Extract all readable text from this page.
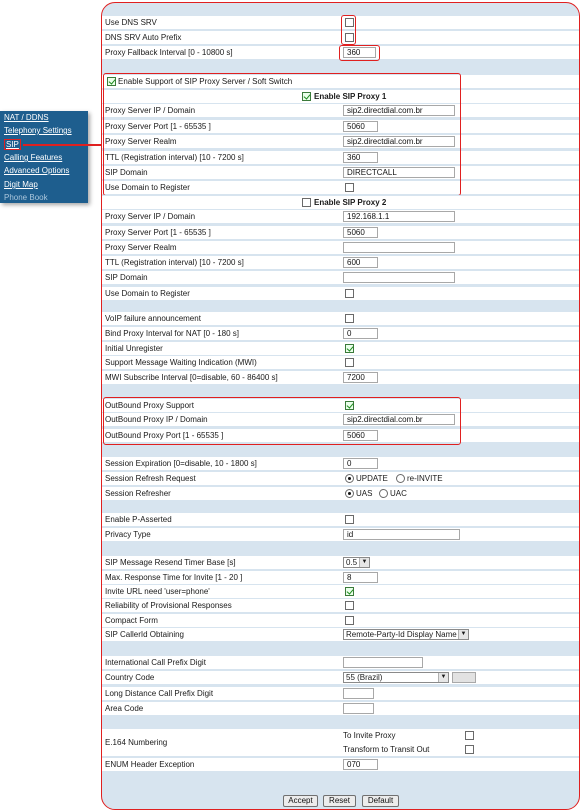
NAT / DDNS
Telephony Settings
SIP
Calling Features
Advanced Options
Digit Map
Phone Book
Use DNS SRV
DNS SRV Auto Prefix
Proxy Fallback Interval [0 - 10800 s]	360
Enable Support of SIP Proxy Server / Soft Switch
Enable SIP Proxy 1
Proxy Server IP / Domain	sip2.directdial.com.br
Proxy Server Port [1 - 65535 ]	5060
Proxy Server Realm	sip2.directdial.com.br
TTL (Registration interval) [10 - 7200 s]	360
SIP Domain	DIRECTCALL
Use Domain to Register
Enable SIP Proxy 2
Proxy Server IP / Domain	192.168.1.1
Proxy Server Port [1 - 65535 ]	5060
Proxy Server Realm
TTL (Registration interval) [10 - 7200 s]	600
SIP Domain
Use Domain to Register
VoIP failure announcement
Bind Proxy Interval for NAT [0 - 180 s]	0
Initial Unregister
Support Message Waiting Indication (MWI)
MWI Subscribe Interval [0=disable, 60 - 86400 s]	7200
OutBound Proxy Support
OutBound Proxy IP / Domain	sip2.directdial.com.br
OutBound Proxy Port [1 - 65535 ]	5060
Session Expiration [0=disable, 10 - 1800 s]	0
Session Refresh Request	UPDATE re-INVITE
Session Refresher	UAS UAC
Enable P-Asserted
Privacy Type	id
SIP Message Resend Timer Base [s]	0.5 ▼
Max. Response Time for Invite [1 - 20 ]	8
Invite URL need 'user=phone'
Reliability of Provisional Responses
Compact Form
SIP CallerId Obtaining	Remote-Party-Id Display Name ▼
International Call Prefix Digit
Country Code	55 (Brazil)	▼
Long Distance Call Prefix Digit
Area Code
E.164 Numbering
To Invite Proxy
Transform to Transit Out
ENUM Header Exception	070
Accept	Reset	Default
